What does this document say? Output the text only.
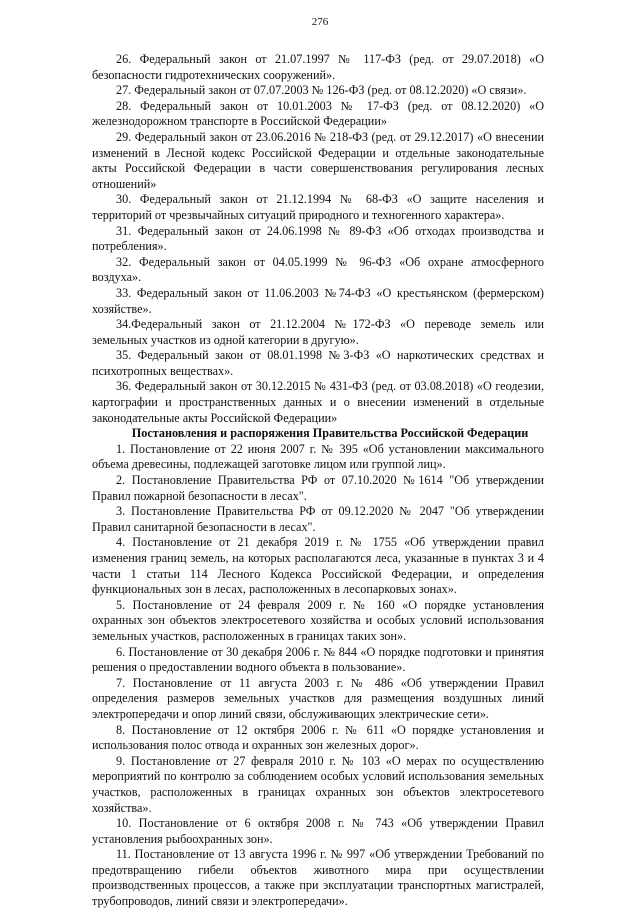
276

26. Федеральный закон от 21.07.1997 № 117-ФЗ (ред. от 29.07.2018) «О безопасности гидротехнических сооружений».

27. Федеральный закон от 07.07.2003 № 126-ФЗ (ред. от 08.12.2020) «О связи».

28. Федеральный закон от 10.01.2003 № 17-ФЗ (ред. от 08.12.2020) «О железнодорожном транспорте в Российской Федерации»

29. Федеральный закон от 23.06.2016 № 218-ФЗ (ред. от 29.12.2017) «О внесении изменений в Лесной кодекс Российской Федерации и отдельные законодательные акты Российской Федерации в части совершенствования регулирования лесных отношений»

30. Федеральный закон от 21.12.1994 № 68-ФЗ «О защите населения и территорий от чрезвычайных ситуаций природного и техногенного характера».

31. Федеральный закон от 24.06.1998 № 89-ФЗ «Об отходах производства и потребления».

32. Федеральный закон от 04.05.1999 № 96-ФЗ «Об охране атмосферного воздуха».

33. Федеральный закон от 11.06.2003 №74-ФЗ «О крестьянском (фермерском) хозяйстве».

34.Федеральный закон от 21.12.2004 №172-ФЗ «О переводе земель или земельных участков из одной категории в другую».

35. Федеральный закон от 08.01.1998 №3-ФЗ «О наркотических средствах и психотропных веществах».

36. Федеральный закон от 30.12.2015 № 431-ФЗ (ред. от 03.08.2018) «О геодезии, картографии и пространственных данных и о внесении изменений в отдельные законодательные акты Российской Федерации»

Постановления и распоряжения Правительства Российской Федерации

1. Постановление от 22 июня 2007 г. № 395 «Об установлении максимального объема древесины, подлежащей заготовке лицом или группой лиц».

2. Постановление Правительства РФ от 07.10.2020 №1614 "Об утверждении Правил пожарной безопасности в лесах".

3. Постановление Правительства РФ от 09.12.2020 № 2047 "Об утверждении Правил санитарной безопасности в лесах".

4. Постановление от 21 декабря 2019 г. № 1755 «Об утверждении правил изменения границ земель, на которых располагаются леса, указанные в пунктах 3 и 4 части 1 статьи 114 Лесного Кодекса Российской Федерации, и определения функциональных зон в лесах, расположенных в лесопарковых зонах».

5. Постановление от 24 февраля 2009 г. № 160 «О порядке установления охранных зон объектов электросетевого хозяйства и особых условий использования земельных участков, расположенных в границах таких зон».

6. Постановление от 30 декабря 2006 г. № 844 «О порядке подготовки и принятия решения о предоставлении водного объекта в пользование».

7. Постановление от 11 августа 2003 г. № 486 «Об утверждении Правил определения размеров земельных участков для размещения воздушных линий электропередачи и опор линий связи, обслуживающих электрические сети».

8. Постановление от 12 октября 2006 г. № 611 «О порядке установления и использования полос отвода и охранных зон железных дорог».

9. Постановление от 27 февраля 2010 г. № 103 «О мерах по осуществлению мероприятий по контролю за соблюдением особых условий использования земельных участков, расположенных в границах охранных зон объектов электросетевого хозяйства».

10. Постановление от 6 октября 2008 г. № 743 «Об утверждении Правил установления рыбоохранных зон».

11. Постановление от 13 августа 1996 г. № 997 «Об утверждении Требований по предотвращению гибели объектов животного мира при осуществлении производственных процессов, а также при эксплуатации транспортных магистралей, трубопроводов, линий связи и электропередачи».
